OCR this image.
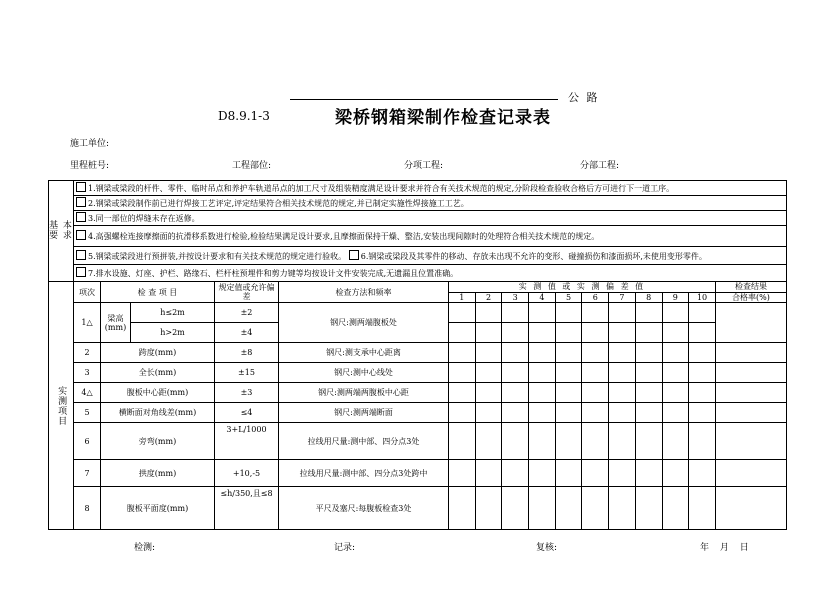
公 路
D8.9.1-3	梁桥钢箱梁制作检查记录表
施工单位:
里程桩号:	工程部位:	分项工程:	分部工程:
基 本 要 求	1.钢梁或梁段的杆件、零件、临时吊点和养护车轨道吊点的加工尺寸及组装精度满足设计要求并符合有关技术规范的规定,分阶段检查验收合格后方可进行下一道工序。															
	2.钢梁或梁段制作前已进行焊接工艺评定,评定结果符合相关技术规范的规定,并已制定实施性焊接施工工艺。															
	3.同一部位的焊缝未存在返修。															
	4.高强螺栓连接摩擦面的抗滑移系数进行检验,检验结果满足设计要求,且摩擦面保持干燥、整洁,安装出现间隙时的处理符合相关技术规范的规定。															
	5.钢梁或梁段进行预拼装,并按设计要求和有关技术规范的规定进行验收。 6.钢梁或梁段及其零件的移动、存放未出现不允许的变形、碰撞损伤和漆面损坏,未使用变形零件。															
	7.排水设施、灯座、护栏、路缘石、栏杆柱预埋件和剪力键等均按设计文件安装完成,无遗漏且位置准确。															

实测项目	项次	检 查 项 目		规定值或允许偏差	检查方法和频率	实 测 值 或 实 测 偏 差 值										检查结果
						1	2	3	4	5	6	7	8	9	10	合格率(%)
	1△	梁高(mm)	h≤2m	±2	钢尺:测两端腹板处											
			h>2m	±4												
	2	跨度(mm)		±8	钢尺:测支承中心距离											
	3	全长(mm)		±15	钢尺:测中心线处											
	4△	腹板中心距(mm)		±3	钢尺:测两端两腹板中心距											
	5	横断面对角线差(mm)		≤4	钢尺:测两端断面											
	6	旁弯(mm)		3+L/1000	拉线用尺量:测中部、四分点3处											
	7	拱度(mm)		+10,-5	拉线用尺量:测中部、四分点3处跨中											
	8	腹板平面度(mm)		≤h/350,且≤8	平尺及塞尺:每腹板检查3处											
检测:	记录:	复核:	年 月 日
